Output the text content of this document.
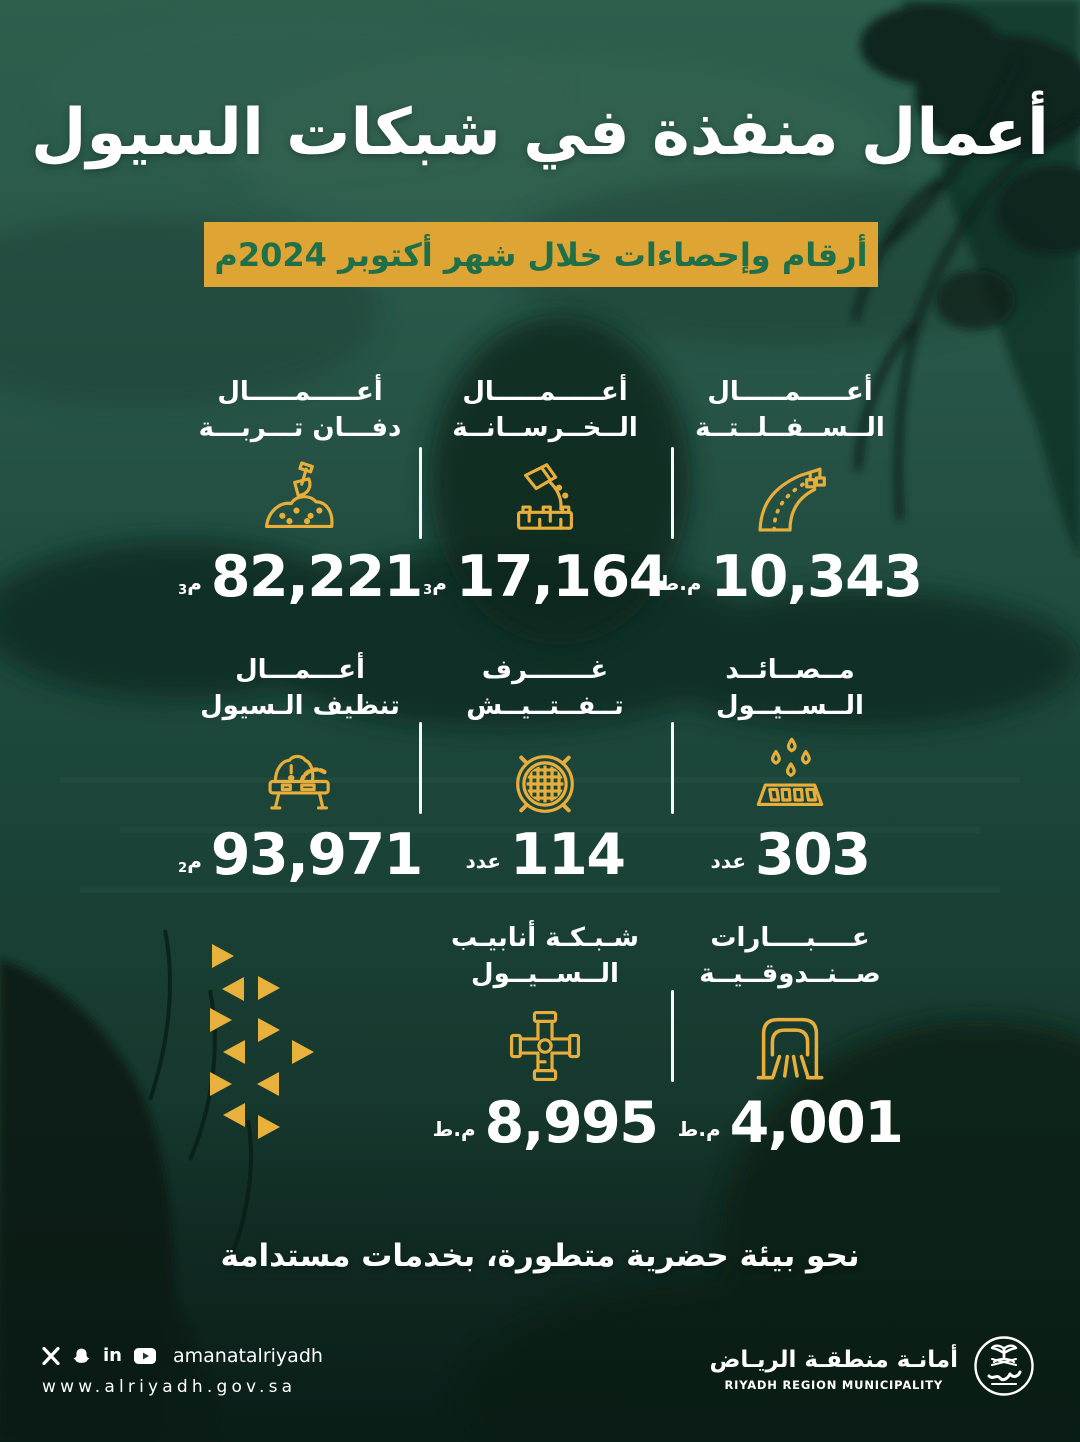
أعمال منفذة في شبكات السيول
أرقام وإحصاءات خلال شهر أكتوبر 2024م
أعـــــمـــــال
الــســفــلــتــة
10,343
م.ط
أعـــــمـــــال
الــخــرســانــة
17,164
م$_3$
أعـــــمـــــال
دفـــان تـــربـــة
82,221
م$_3$
مــصــائــد
الــســيــول
303
عدد
غـــــــرف
تــفــتــيــش
114
عدد
أعـــمـــال
تنظيف الـسيول
93,971
م$_2$
عــــبــــارات
صــنــدوقــيــة
4,001
م.ط
شـبـكـة أنابيـب
الــســيــول
8,995
م.ط
نحو بيئة حضرية متطورة، بخدمات مستدامة
in	amanatalriyadh
www.alriyadh.gov.sa
أمانـة منطقـة الريـاض
RIYADH REGION MUNICIPALITY
